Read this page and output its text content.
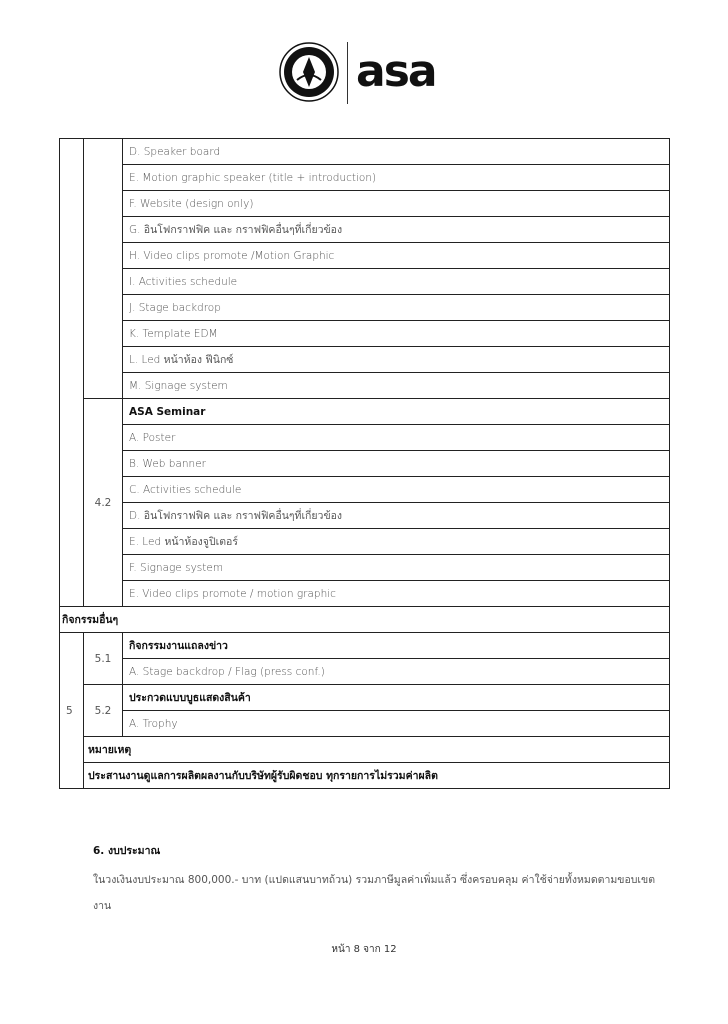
asa
		D. Speaker board
		E. Motion graphic speaker (title + introduction)
		F. Website (design only)
		G. อินโฟกราฟฟิค และ กราฟฟิคอื่นๆที่เกี่ยวข้อง
		H. Video clips promote /Motion Graphic
		I. Activities schedule
		J. Stage backdrop
		K. Template EDM
		L. Led หน้าห้อง ฟีนิกซ์
		M. Signage system
	4.2	ASA Seminar
		A. Poster
		B. Web banner
		C. Activities schedule
		D. อินโฟกราฟฟิค และ กราฟฟิคอื่นๆที่เกี่ยวข้อง
		E. Led หน้าห้องจูปิเตอร์
		F. Signage system
		E. Video clips promote / motion graphic
กิจกรรมอื่นๆ		
5	5.1	กิจกรรมงานแถลงข่าว
		A. Stage backdrop / Flag (press conf.)
	5.2	ประกวดแบบบูธแสดงสินค้า
		A. Trophy
	หมายเหตุ	
	ประสานงานดูแลการผลิตผลงานกับบริษัทผู้รับผิดชอบ ทุกรายการไม่รวมค่าผลิต	
6. งบประมาณ
ในวงเงินงบประมาณ 800,000.- บาท (แปดแสนบาทถ้วน) รวมภาษีมูลค่าเพิ่มแล้ว ซึ่งครอบคลุม ค่าใช้จ่ายทั้งหมดตามขอบเขต
งาน
หน้า 8 จาก 12
